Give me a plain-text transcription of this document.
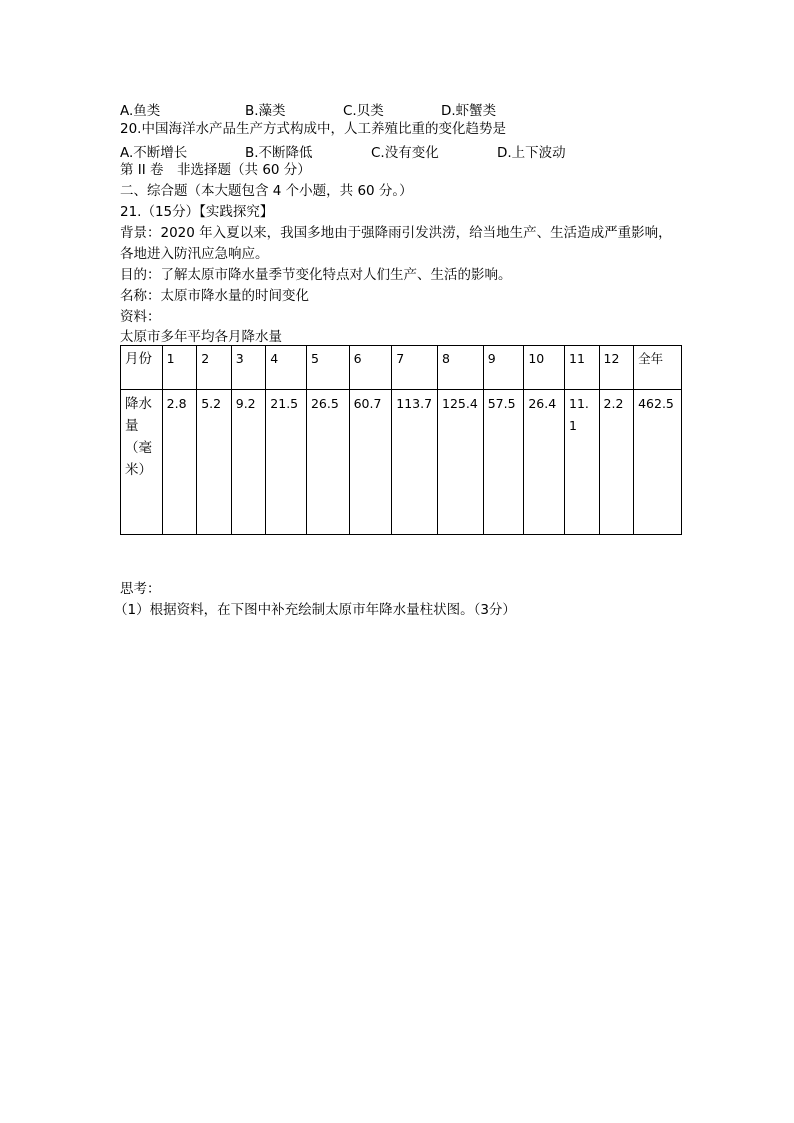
A.鱼类	B.藻类	C.贝类	D.虾蟹类
20.中国海洋水产品生产方式构成中，人工养殖比重的变化趋势是
A.不断增长	B.不断降低	C.没有变化	D.上下波动
第 II 卷　非选择题（共 60 分）
二、综合题（本大题包含 4 个小题，共 60 分。）
21.（15分）【实践探究】
背景：2020 年入夏以来，我国多地由于强降雨引发洪涝，给当地生产、生活造成严重影响，
各地进入防汛应急响应。
目的：了解太原市降水量季节变化特点对人们生产、生活的影响。
名称：太原市降水量的时间变化
资料：
太原市多年平均各月降水量
月份	1	2	3	4	5	6	7	8	9	10	11	12	全年
降水量（毫米）	2.8	5.2	9.2	21.5	26.5	60.7	113.7	125.4	57.5	26.4	11.1	2.2	462.5
思考：
（1）根据资料，在下图中补充绘制太原市年降水量柱状图。（3分）
